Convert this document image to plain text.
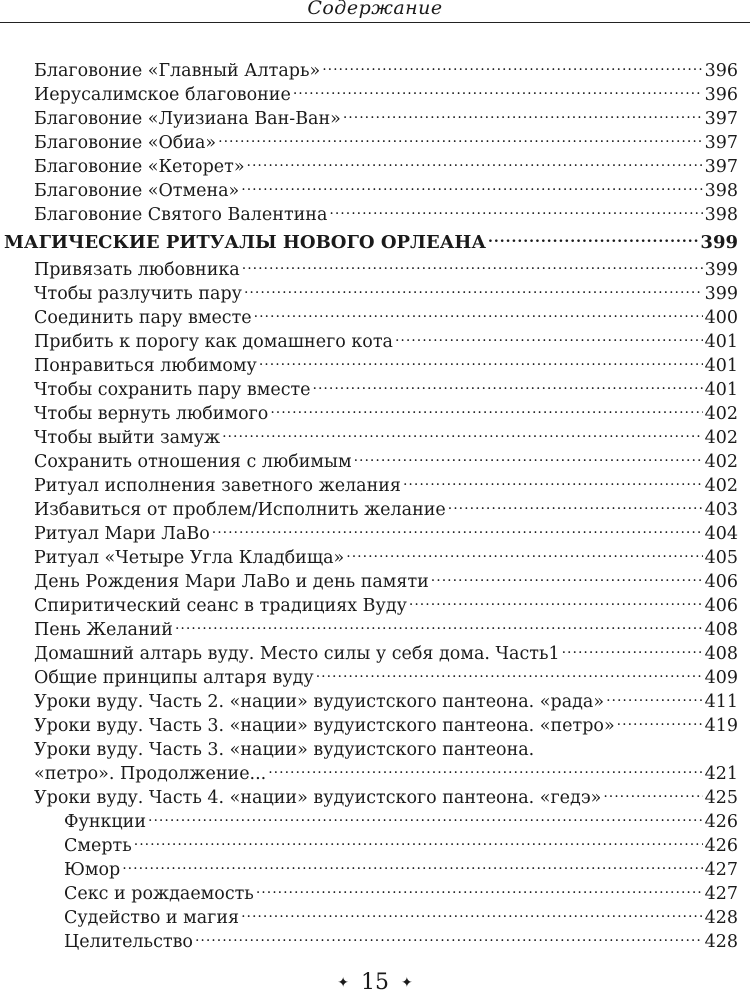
Содержание
Благовоние «Главный Алтарь» .....	396
Иерусалимское благовоние .....	396
Благовоние «Луизиана Ван-Ван» .....	397
Благовоние «Обиа» .....	397
Благовоние «Кеторет» .....	397
Благовоние «Отмена» .....	398
Благовоние Святого Валентина .....	398
МАГИЧЕСКИЕ РИТУАЛЫ НОВОГО ОРЛЕАНА .....	399
Привязать любовника .....	399
Чтобы разлучить пару .....	399
Соединить пару вместе .....	400
Прибить к порогу как домашнего кота .....	401
Понравиться любимому .....	401
Чтобы сохранить пару вместе .....	401
Чтобы вернуть любимого .....	402
Чтобы выйти замуж .....	402
Сохранить отношения с любимым .....	402
Ритуал исполнения заветного желания .....	402
Избавиться от проблем/Исполнить желание .....	403
Ритуал Мари ЛаВо .....	404
Ритуал «Четыре Угла Кладбища» .....	405
День Рождения Мари ЛаВо и день памяти .....	406
Спиритический сеанс в традициях Вуду .....	406
Пень Желаний .....	408
Домашний алтарь вуду. Место силы у себя дома. Часть1 .....	408
Общие принципы алтаря вуду .....	409
Уроки вуду. Часть 2. «нации» вудуистского пантеона. «рада» .....	411
Уроки вуду. Часть 3. «нации» вудуистского пантеона. «петро» .....	419
Уроки вуду. Часть 3. «нации» вудуистского пантеона.
«петро». Продолжение... .....	421
Уроки вуду. Часть 4. «нации» вудуистского пантеона. «гедэ» .....	425
Функции .....	426
Смерть .....	426
Юмор .....	427
Секс и рождаемость .....	427
Судейство и магия .....	428
Целительство .....	428
✦ 15 ✦
